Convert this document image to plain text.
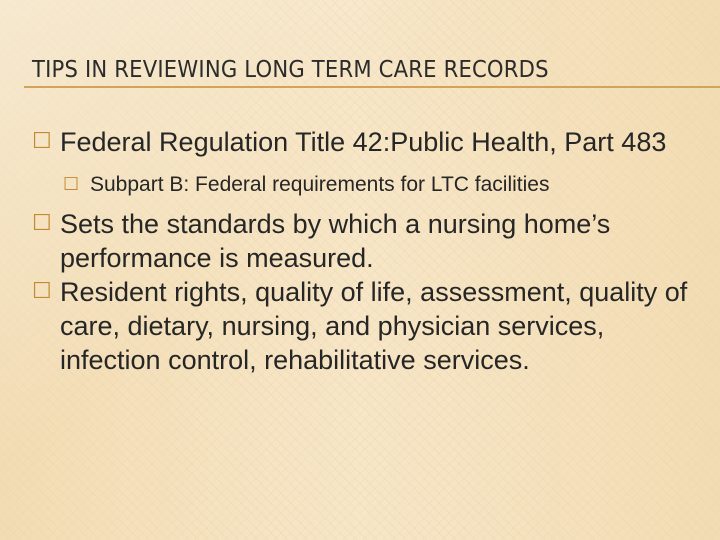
TIPS IN REVIEWING LONG TERM CARE RECORDS
☐ Federal Regulation Title 42:Public Health, Part 483
☐ Subpart B: Federal requirements for LTC facilities
☐ Sets the standards by which a nursing home’s performance is measured.
☐ Resident rights, quality of life, assessment, quality of care, dietary, nursing, and physician services, infection control, rehabilitative services.
